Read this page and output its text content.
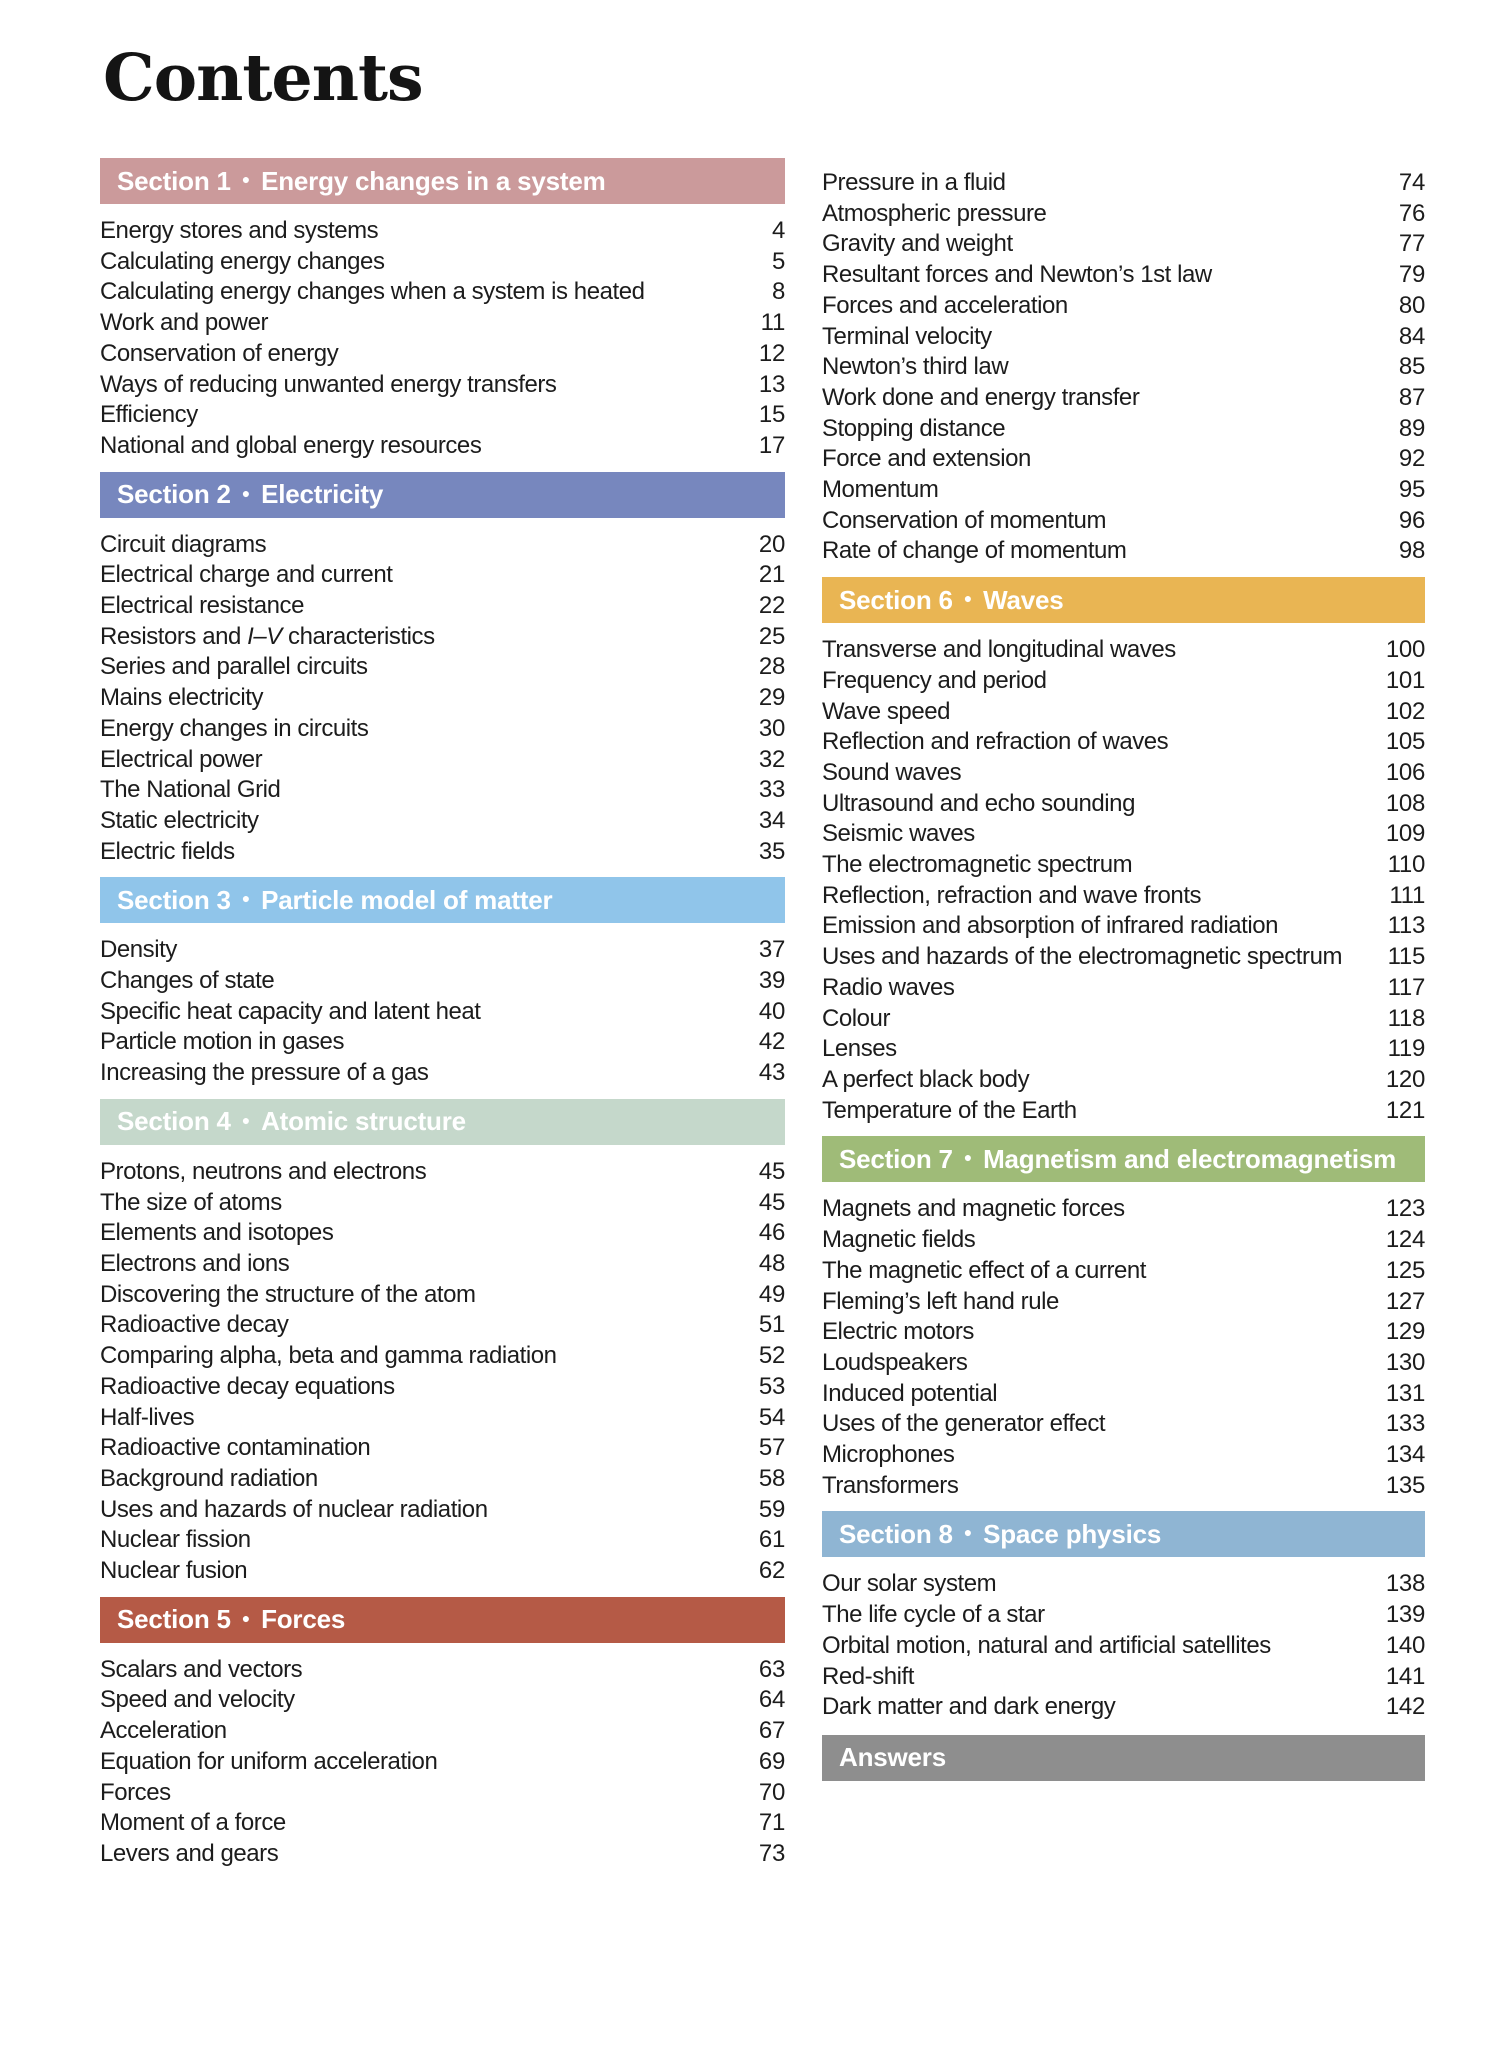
Contents
Section 1 ● Energy changes in a system
Energy stores and systems	4
Calculating energy changes	5
Calculating energy changes when a system is heated	8
Work and power	11
Conservation of energy	12
Ways of reducing unwanted energy transfers	13
Efficiency	15
National and global energy resources	17
Section 2 ● Electricity
Circuit diagrams	20
Electrical charge and current	21
Electrical resistance	22
Resistors and I–V characteristics	25
Series and parallel circuits	28
Mains electricity	29
Energy changes in circuits	30
Electrical power	32
The National Grid	33
Static electricity	34
Electric fields	35
Section 3 ● Particle model of matter
Density	37
Changes of state	39
Specific heat capacity and latent heat	40
Particle motion in gases	42
Increasing the pressure of a gas	43
Section 4 ● Atomic structure
Protons, neutrons and electrons	45
The size of atoms	45
Elements and isotopes	46
Electrons and ions	48
Discovering the structure of the atom	49
Radioactive decay	51
Comparing alpha, beta and gamma radiation	52
Radioactive decay equations	53
Half-lives	54
Radioactive contamination	57
Background radiation	58
Uses and hazards of nuclear radiation	59
Nuclear fission	61
Nuclear fusion	62
Section 5 ● Forces
Scalars and vectors	63
Speed and velocity	64
Acceleration	67
Equation for uniform acceleration	69
Forces	70
Moment of a force	71
Levers and gears	73
Pressure in a fluid	74
Atmospheric pressure	76
Gravity and weight	77
Resultant forces and Newton’s 1st law	79
Forces and acceleration	80
Terminal velocity	84
Newton’s third law	85
Work done and energy transfer	87
Stopping distance	89
Force and extension	92
Momentum	95
Conservation of momentum	96
Rate of change of momentum	98
Section 6 ● Waves
Transverse and longitudinal waves	100
Frequency and period	101
Wave speed	102
Reflection and refraction of waves	105
Sound waves	106
Ultrasound and echo sounding	108
Seismic waves	109
The electromagnetic spectrum	110
Reflection, refraction and wave fronts	111
Emission and absorption of infrared radiation	113
Uses and hazards of the electromagnetic spectrum 115
Radio waves	117
Colour	118
Lenses	119
A perfect black body	120
Temperature of the Earth	121
Section 7 ● Magnetism and electromagnetism
Magnets and magnetic forces	123
Magnetic fields	124
The magnetic effect of a current	125
Fleming’s left hand rule	127
Electric motors	129
Loudspeakers	130
Induced potential	131
Uses of the generator effect	133
Microphones	134
Transformers	135
Section 8 ● Space physics
Our solar system	138
The life cycle of a star	139
Orbital motion, natural and artificial satellites	140
Red-shift	141
Dark matter and dark energy	142
Answers
